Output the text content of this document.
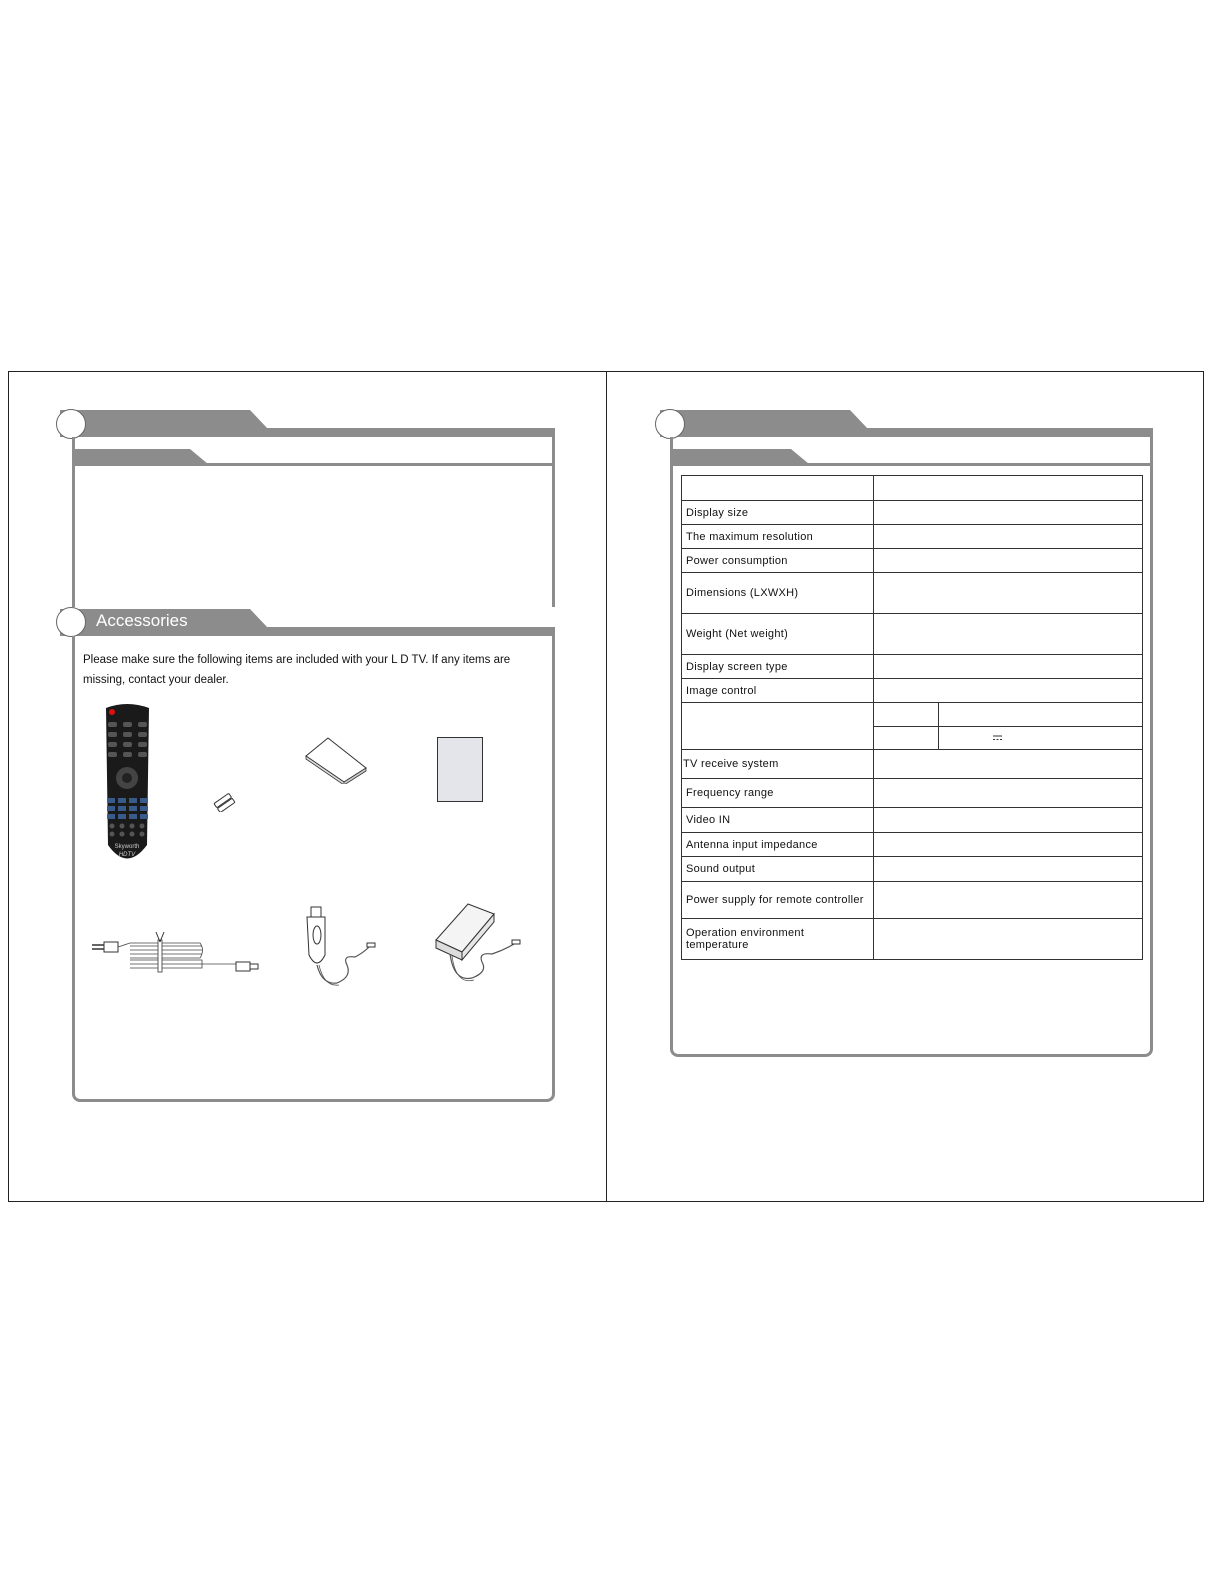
Accessories
Please make sure the following items are included with your L D TV. If any items are
missing, contact your dealer.
Skyworth
HDTV

Display size		
The maximum resolution		
Power consumption		
Dimensions (LXWXH)		
Weight (Net weight)		
Display screen type		
Image control		

TV receive system		
Frequency range		
Video IN		
Antenna input impedance		
Sound output		
Power supply for remote controller		
Operation environment temperature		
